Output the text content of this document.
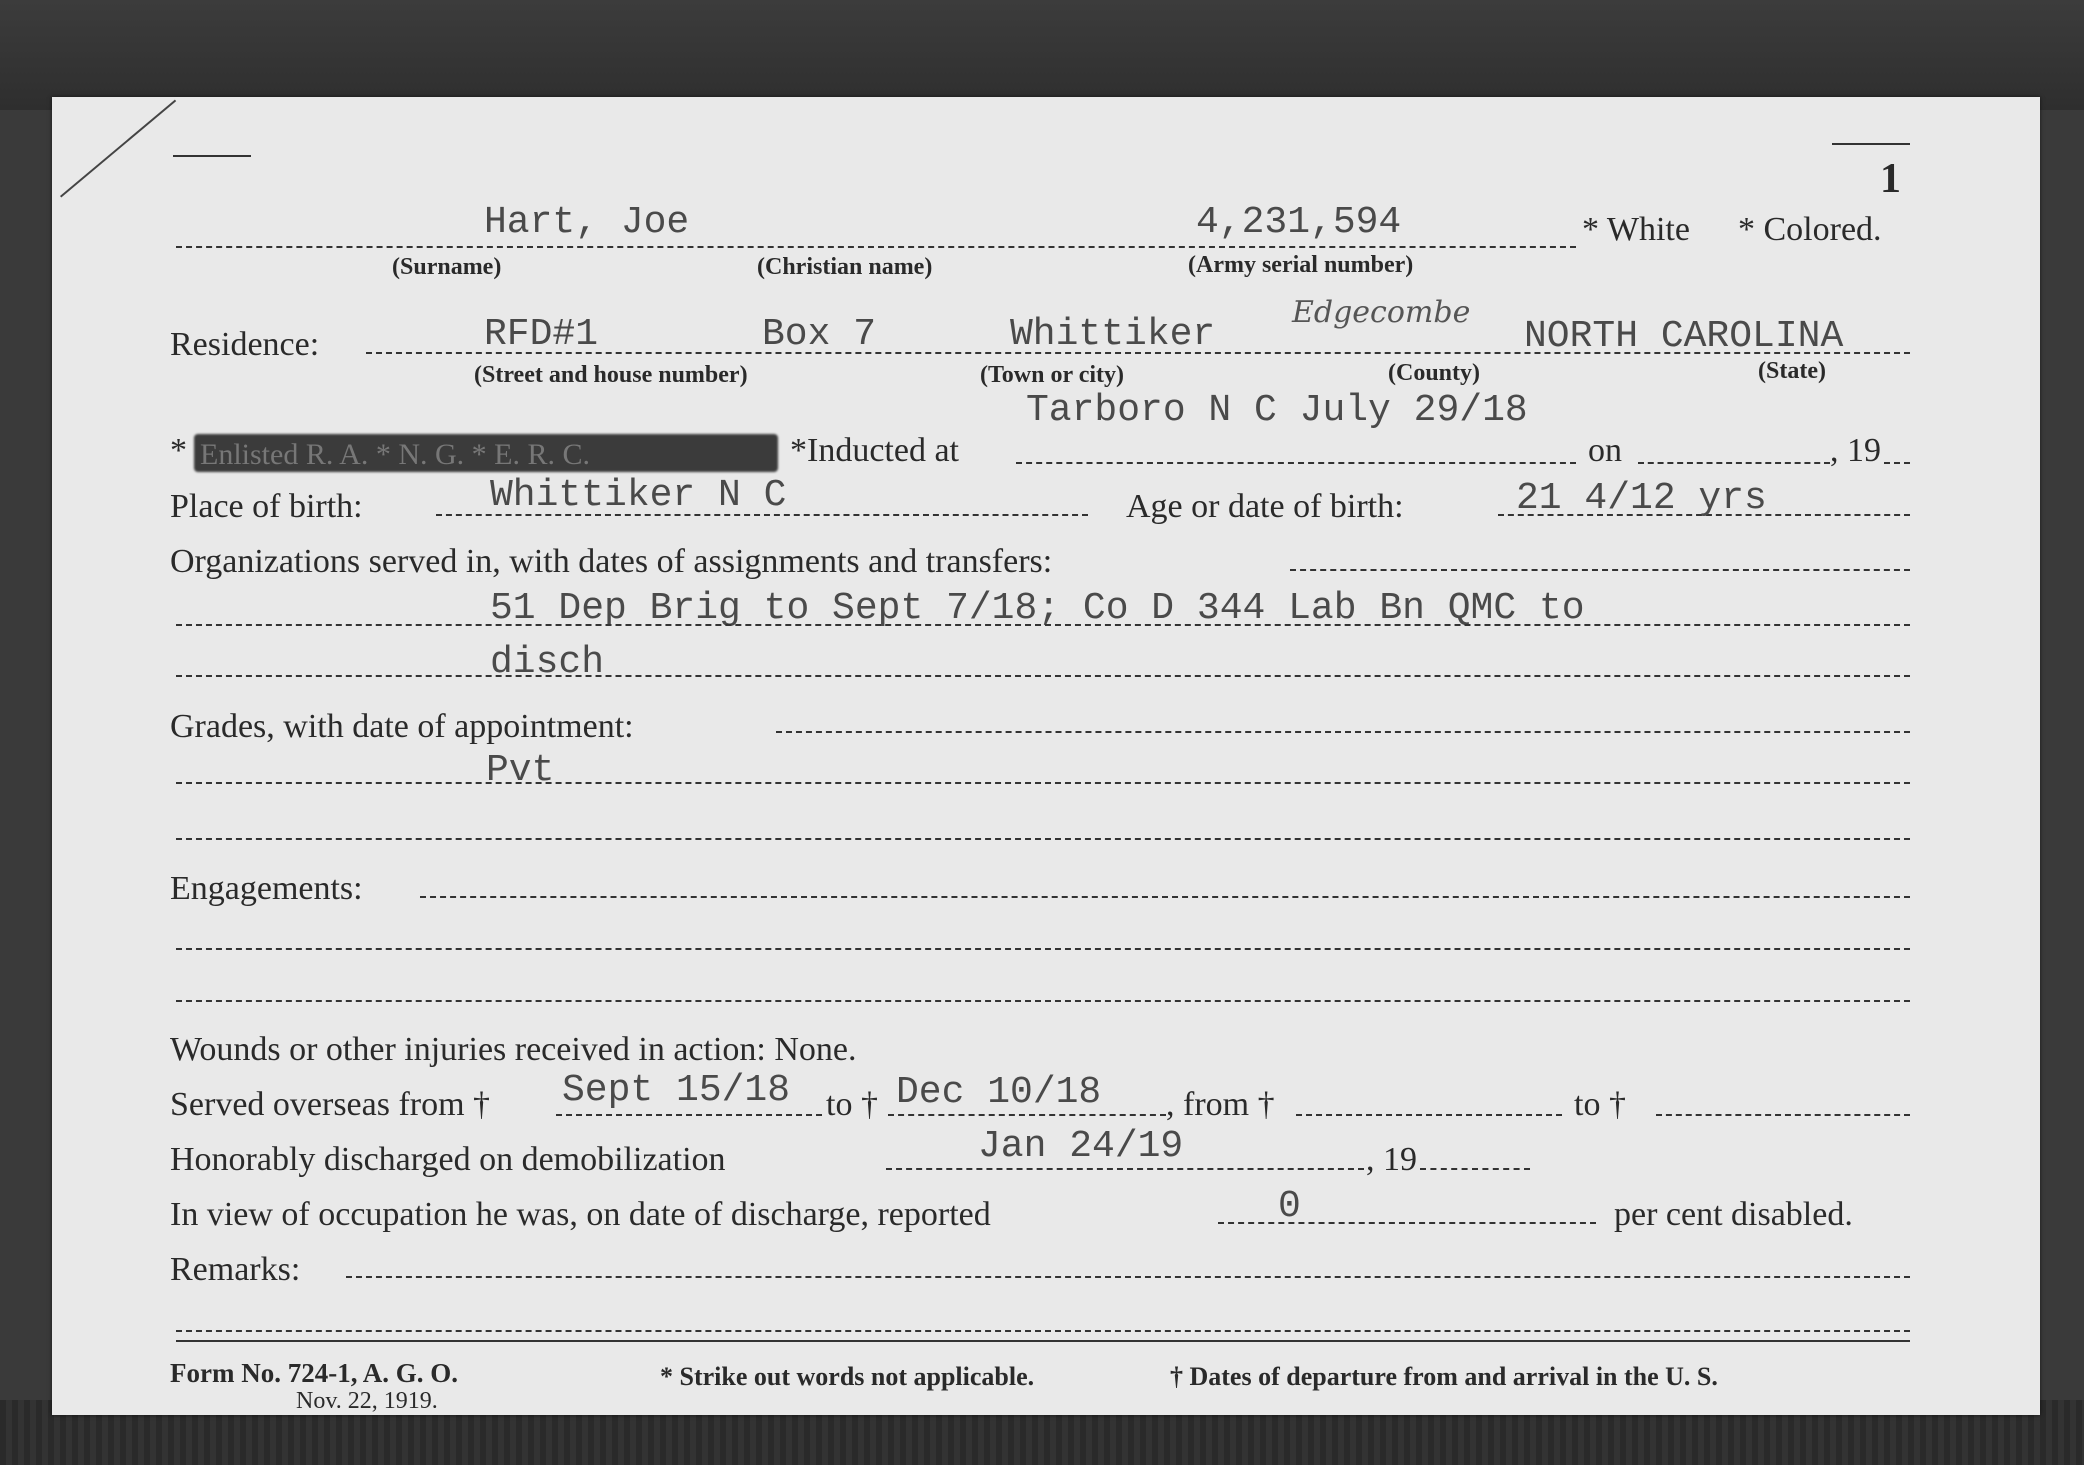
1
Hart, Joe	4,231,594	* White * Colored.
(Surname)	(Christian name)	(Army serial number)
Residence:	RFD#1	Box 7	Whittiker
Edgecombe
NORTH CAROLINA
(Street and house number)	(Town or city)	(County)	(State)
Tarboro N C July 29/18
* Enlisted R. A. * N. G. * E. R. C.	*Inducted at	on	, 19
Place of birth:	Whittiker N C	Age or date of birth:	21 4/12 yrs
Organizations served in, with dates of assignments and transfers:
51 Dep Brig to Sept 7/18; Co D 344 Lab Bn QMC to
disch
Grades, with date of appointment:
Pvt
Engagements:
Wounds or other injuries received in action: None.
Served overseas from † Sept 15/18 to † Dec 10/18 , from †	to †
Honorably discharged on demobilization	Jan 24/19	, 19
In view of occupation he was, on date of discharge, reported	0	per cent disabled.
Remarks:
Form No. 724-1, A. G. O.
Nov. 22, 1919.
* Strike out words not applicable.	† Dates of departure from and arrival in the U. S.
